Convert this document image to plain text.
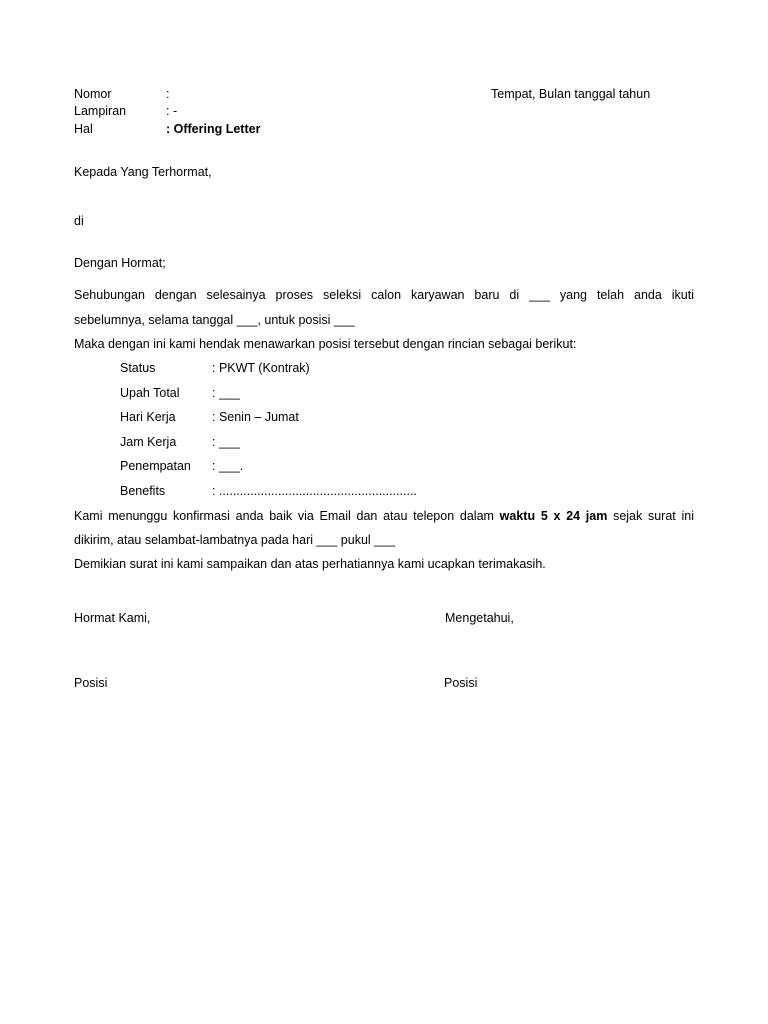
Nomor	:	Tempat, Bulan tanggal tahun
Lampiran	: -
Hal	: Offering Letter
Kepada Yang Terhormat,
di
Dengan Hormat;
Sehubungan dengan selesainya proses seleksi calon karyawan baru di ___ yang telah anda ikuti
sebelumnya, selama tanggal ___, untuk posisi ___
Maka dengan ini kami hendak menawarkan posisi tersebut dengan rincian sebagai berikut:
Status	: PKWT (Kontrak)
Upah Total	: ___
Hari Kerja	: Senin – Jumat
Jam Kerja	: ___
Penempatan : ___.
Benefits	: .........................................................
Kami menunggu konfirmasi anda baik via Email dan atau telepon dalam waktu 5 x 24 jam sejak surat ini
dikirim, atau selambat-lambatnya pada hari ___ pukul ___
Demikian surat ini kami sampaikan dan atas perhatiannya kami ucapkan terimakasih.
Hormat Kami,	Mengetahui,
Posisi	Posisi
